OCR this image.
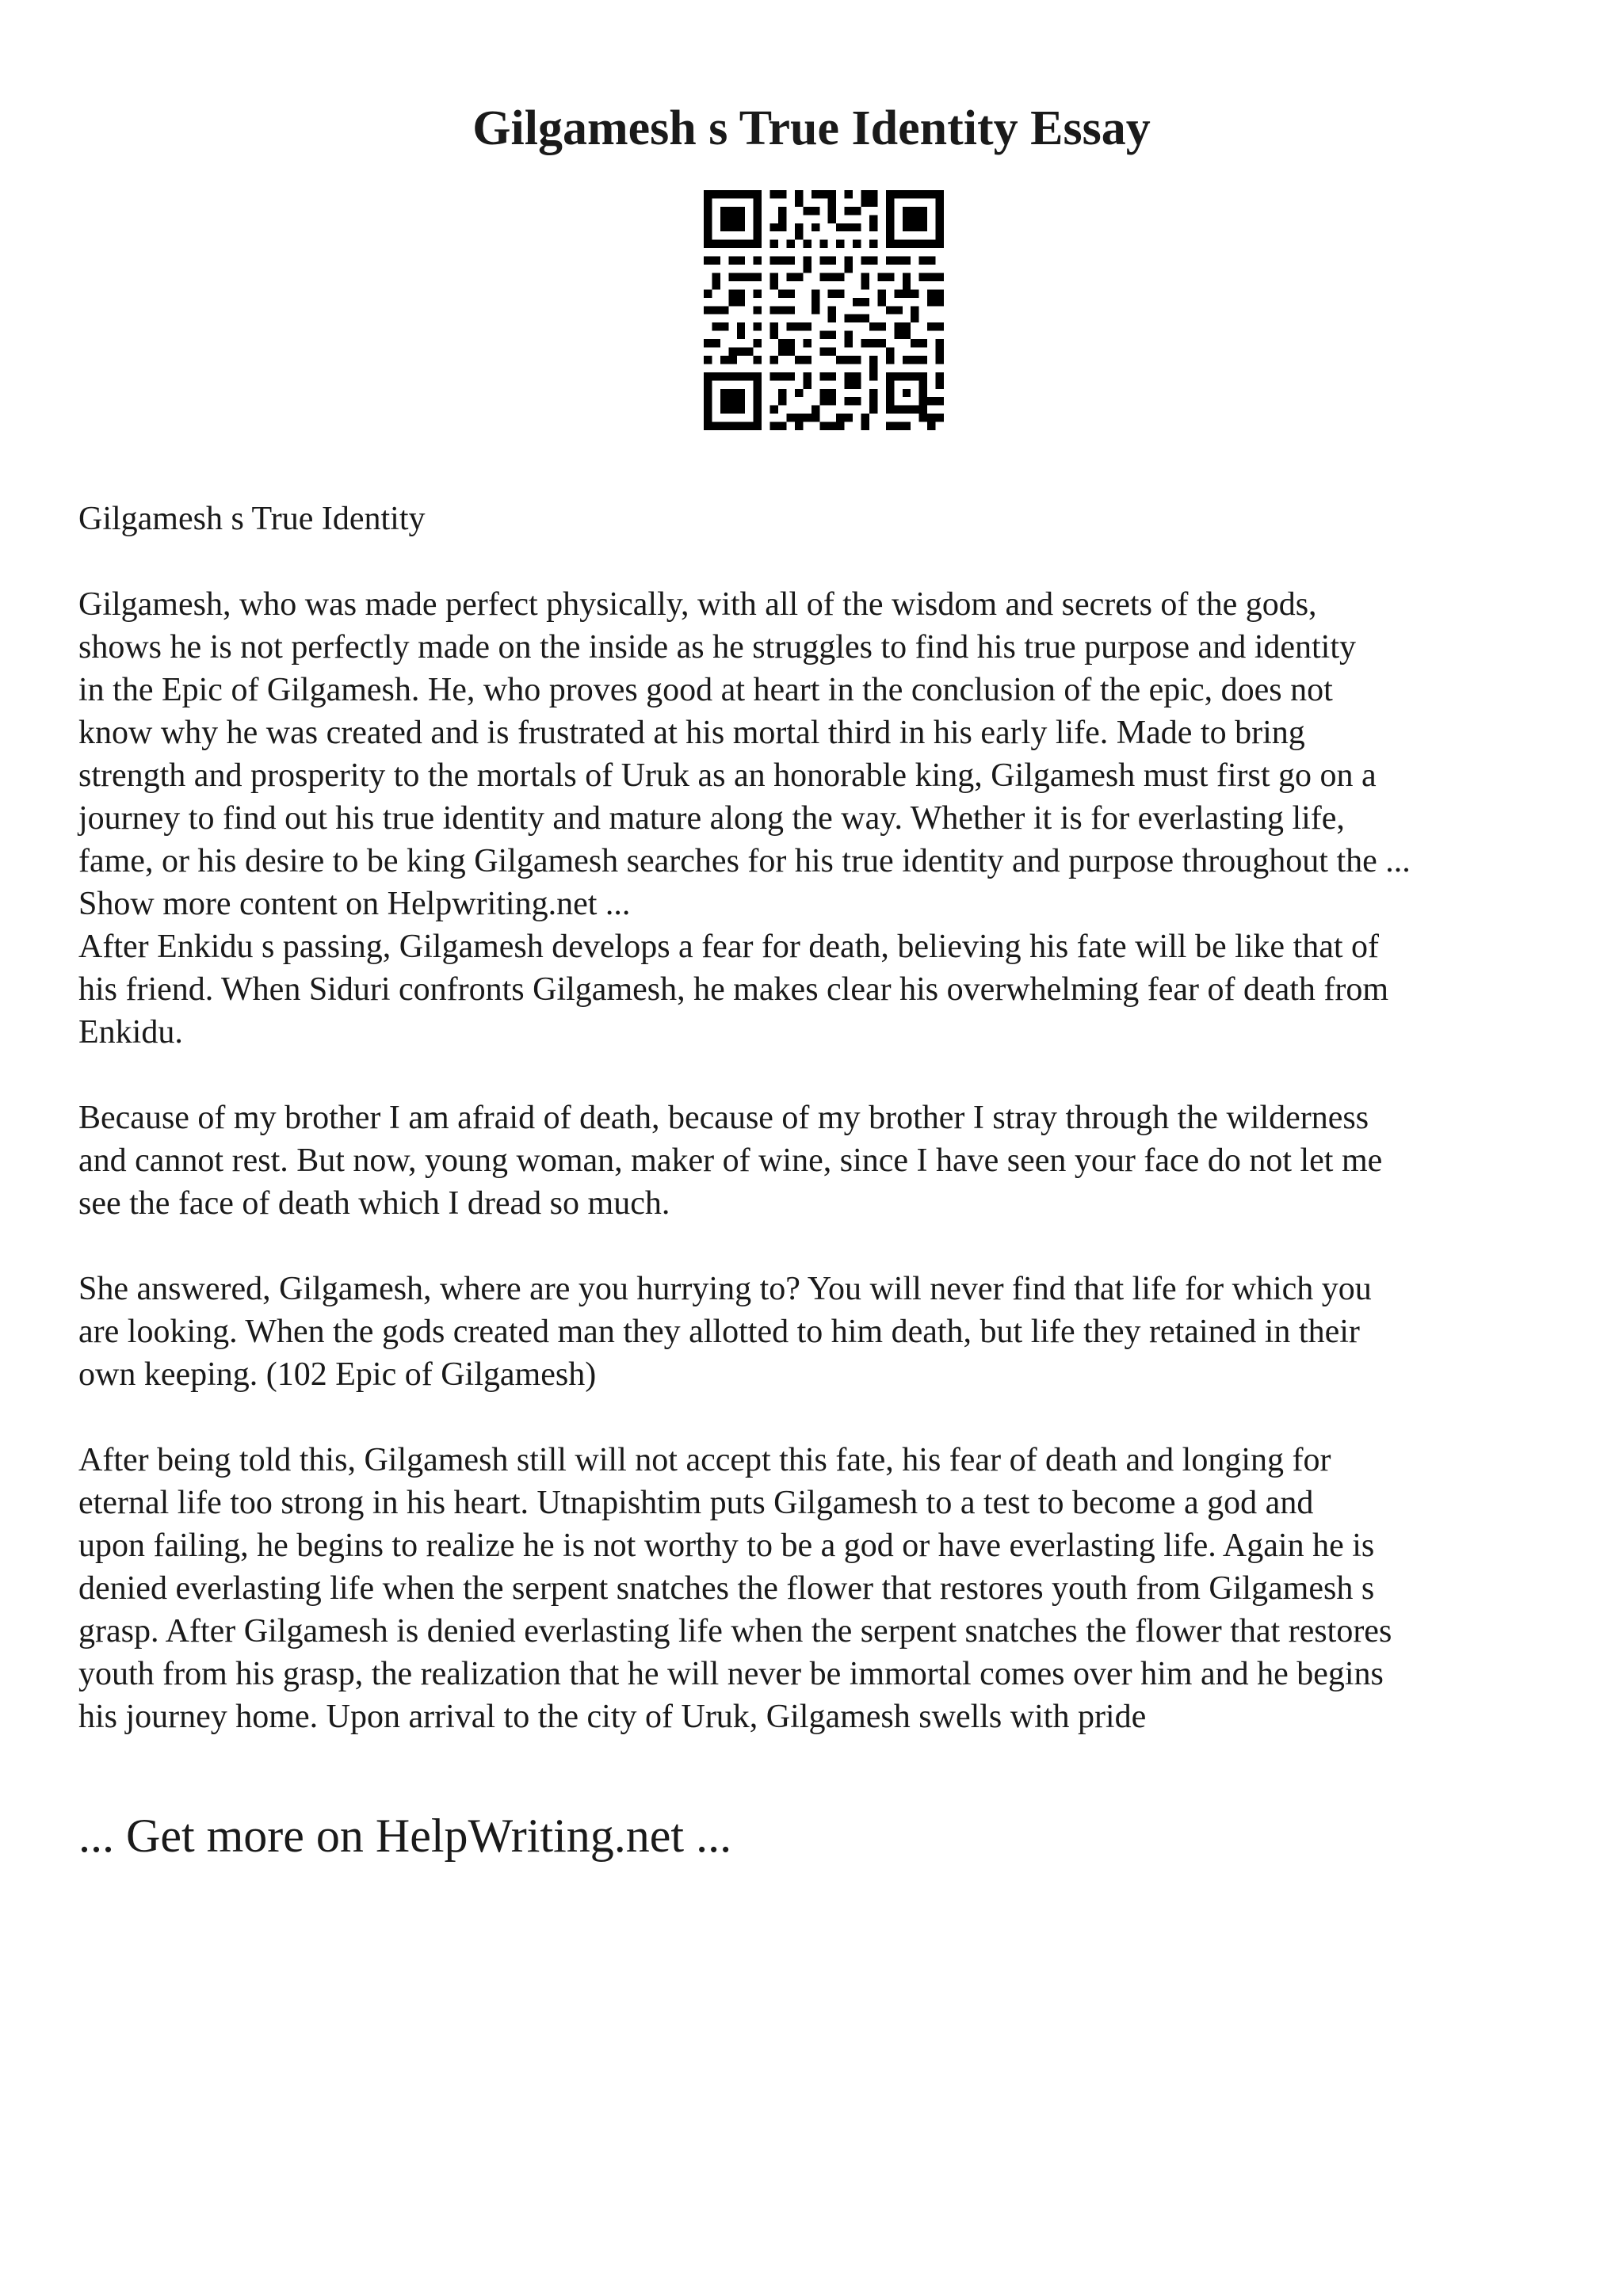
Gilgamesh s True Identity Essay

Gilgamesh s True Identity

Gilgamesh, who was made perfect physically, with all of the wisdom and secrets of the gods,
shows he is not perfectly made on the inside as he struggles to find his true purpose and identity
in the Epic of Gilgamesh. He, who proves good at heart in the conclusion of the epic, does not
know why he was created and is frustrated at his mortal third in his early life. Made to bring
strength and prosperity to the mortals of Uruk as an honorable king, Gilgamesh must first go on a
journey to find out his true identity and mature along the way. Whether it is for everlasting life,
fame, or his desire to be king Gilgamesh searches for his true identity and purpose throughout the ...
Show more content on Helpwriting.net ...
After Enkidu s passing, Gilgamesh develops a fear for death, believing his fate will be like that of
his friend. When Siduri confronts Gilgamesh, he makes clear his overwhelming fear of death from
Enkidu.

Because of my brother I am afraid of death, because of my brother I stray through the wilderness
and cannot rest. But now, young woman, maker of wine, since I have seen your face do not let me
see the face of death which I dread so much.

She answered, Gilgamesh, where are you hurrying to? You will never find that life for which you
are looking. When the gods created man they allotted to him death, but life they retained in their
own keeping. (102 Epic of Gilgamesh)

After being told this, Gilgamesh still will not accept this fate, his fear of death and longing for
eternal life too strong in his heart. Utnapishtim puts Gilgamesh to a test to become a god and
upon failing, he begins to realize he is not worthy to be a god or have everlasting life. Again he is
denied everlasting life when the serpent snatches the flower that restores youth from Gilgamesh s
grasp. After Gilgamesh is denied everlasting life when the serpent snatches the flower that restores
youth from his grasp, the realization that he will never be immortal comes over him and he begins
his journey home. Upon arrival to the city of Uruk, Gilgamesh swells with pride

... Get more on HelpWriting.net ...
